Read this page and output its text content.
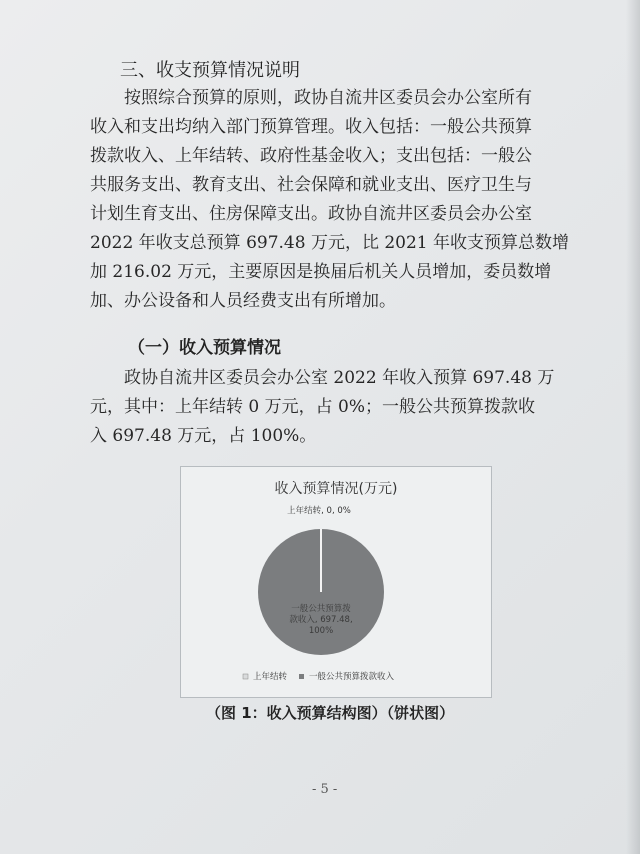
三、收支预算情况说明
按照综合预算的原则，政协自流井区委员会办公室所有
收入和支出均纳入部门预算管理。收入包括：一般公共预算
拨款收入、上年结转、政府性基金收入；支出包括：一般公
共服务支出、教育支出、社会保障和就业支出、医疗卫生与
计划生育支出、住房保障支出。政协自流井区委员会办公室
2022 年收支总预算 697.48 万元，比 2021 年收支预算总数增
加 216.02 万元，主要原因是换届后机关人员增加，委员数增
加、办公设备和人员经费支出有所增加。
（一）收入预算情况
政协自流井区委员会办公室 2022 年收入预算 697.48 万
元，其中：上年结转 0 万元，占 0%；一般公共预算拨款收
入 697.48 万元，占 100%。
收入预算情况(万元)
上年结转, 0, 0%
一般公共预算拨
款收入, 697.48,
100%
上年结转	一般公共预算拨款收入
（图 1：收入预算结构图）（饼状图）
- 5 -
